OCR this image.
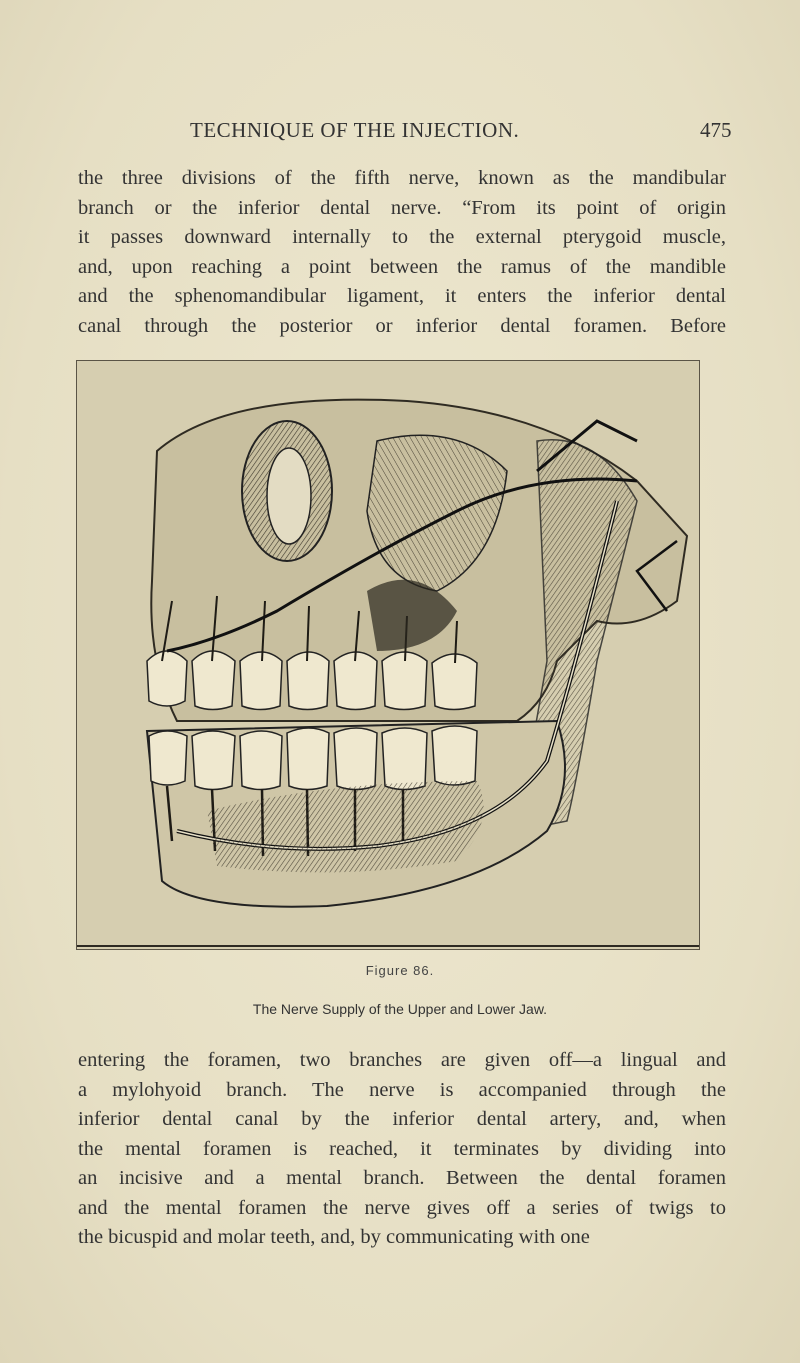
TECHNIQUE OF THE INJECTION.	475
the three divisions of the fifth nerve, known as the mandibular
branch or the inferior dental nerve. “From its point of origin
it passes downward internally to the external pterygoid muscle,
and, upon reaching a point between the ramus of the mandible
and the sphenomandibular ligament, it enters the inferior dental
canal through the posterior or inferior dental foramen. Before
Figure 86.
The Nerve Supply of the Upper and Lower Jaw.
entering the foramen, two branches are given off—a lingual and
a mylohyoid branch. The nerve is accompanied through the
inferior dental canal by the inferior dental artery, and, when
the mental foramen is reached, it terminates by dividing into
an incisive and a mental branch. Between the dental foramen
and the mental foramen the nerve gives off a series of twigs to
the bicuspid and molar teeth, and, by communicating with one
